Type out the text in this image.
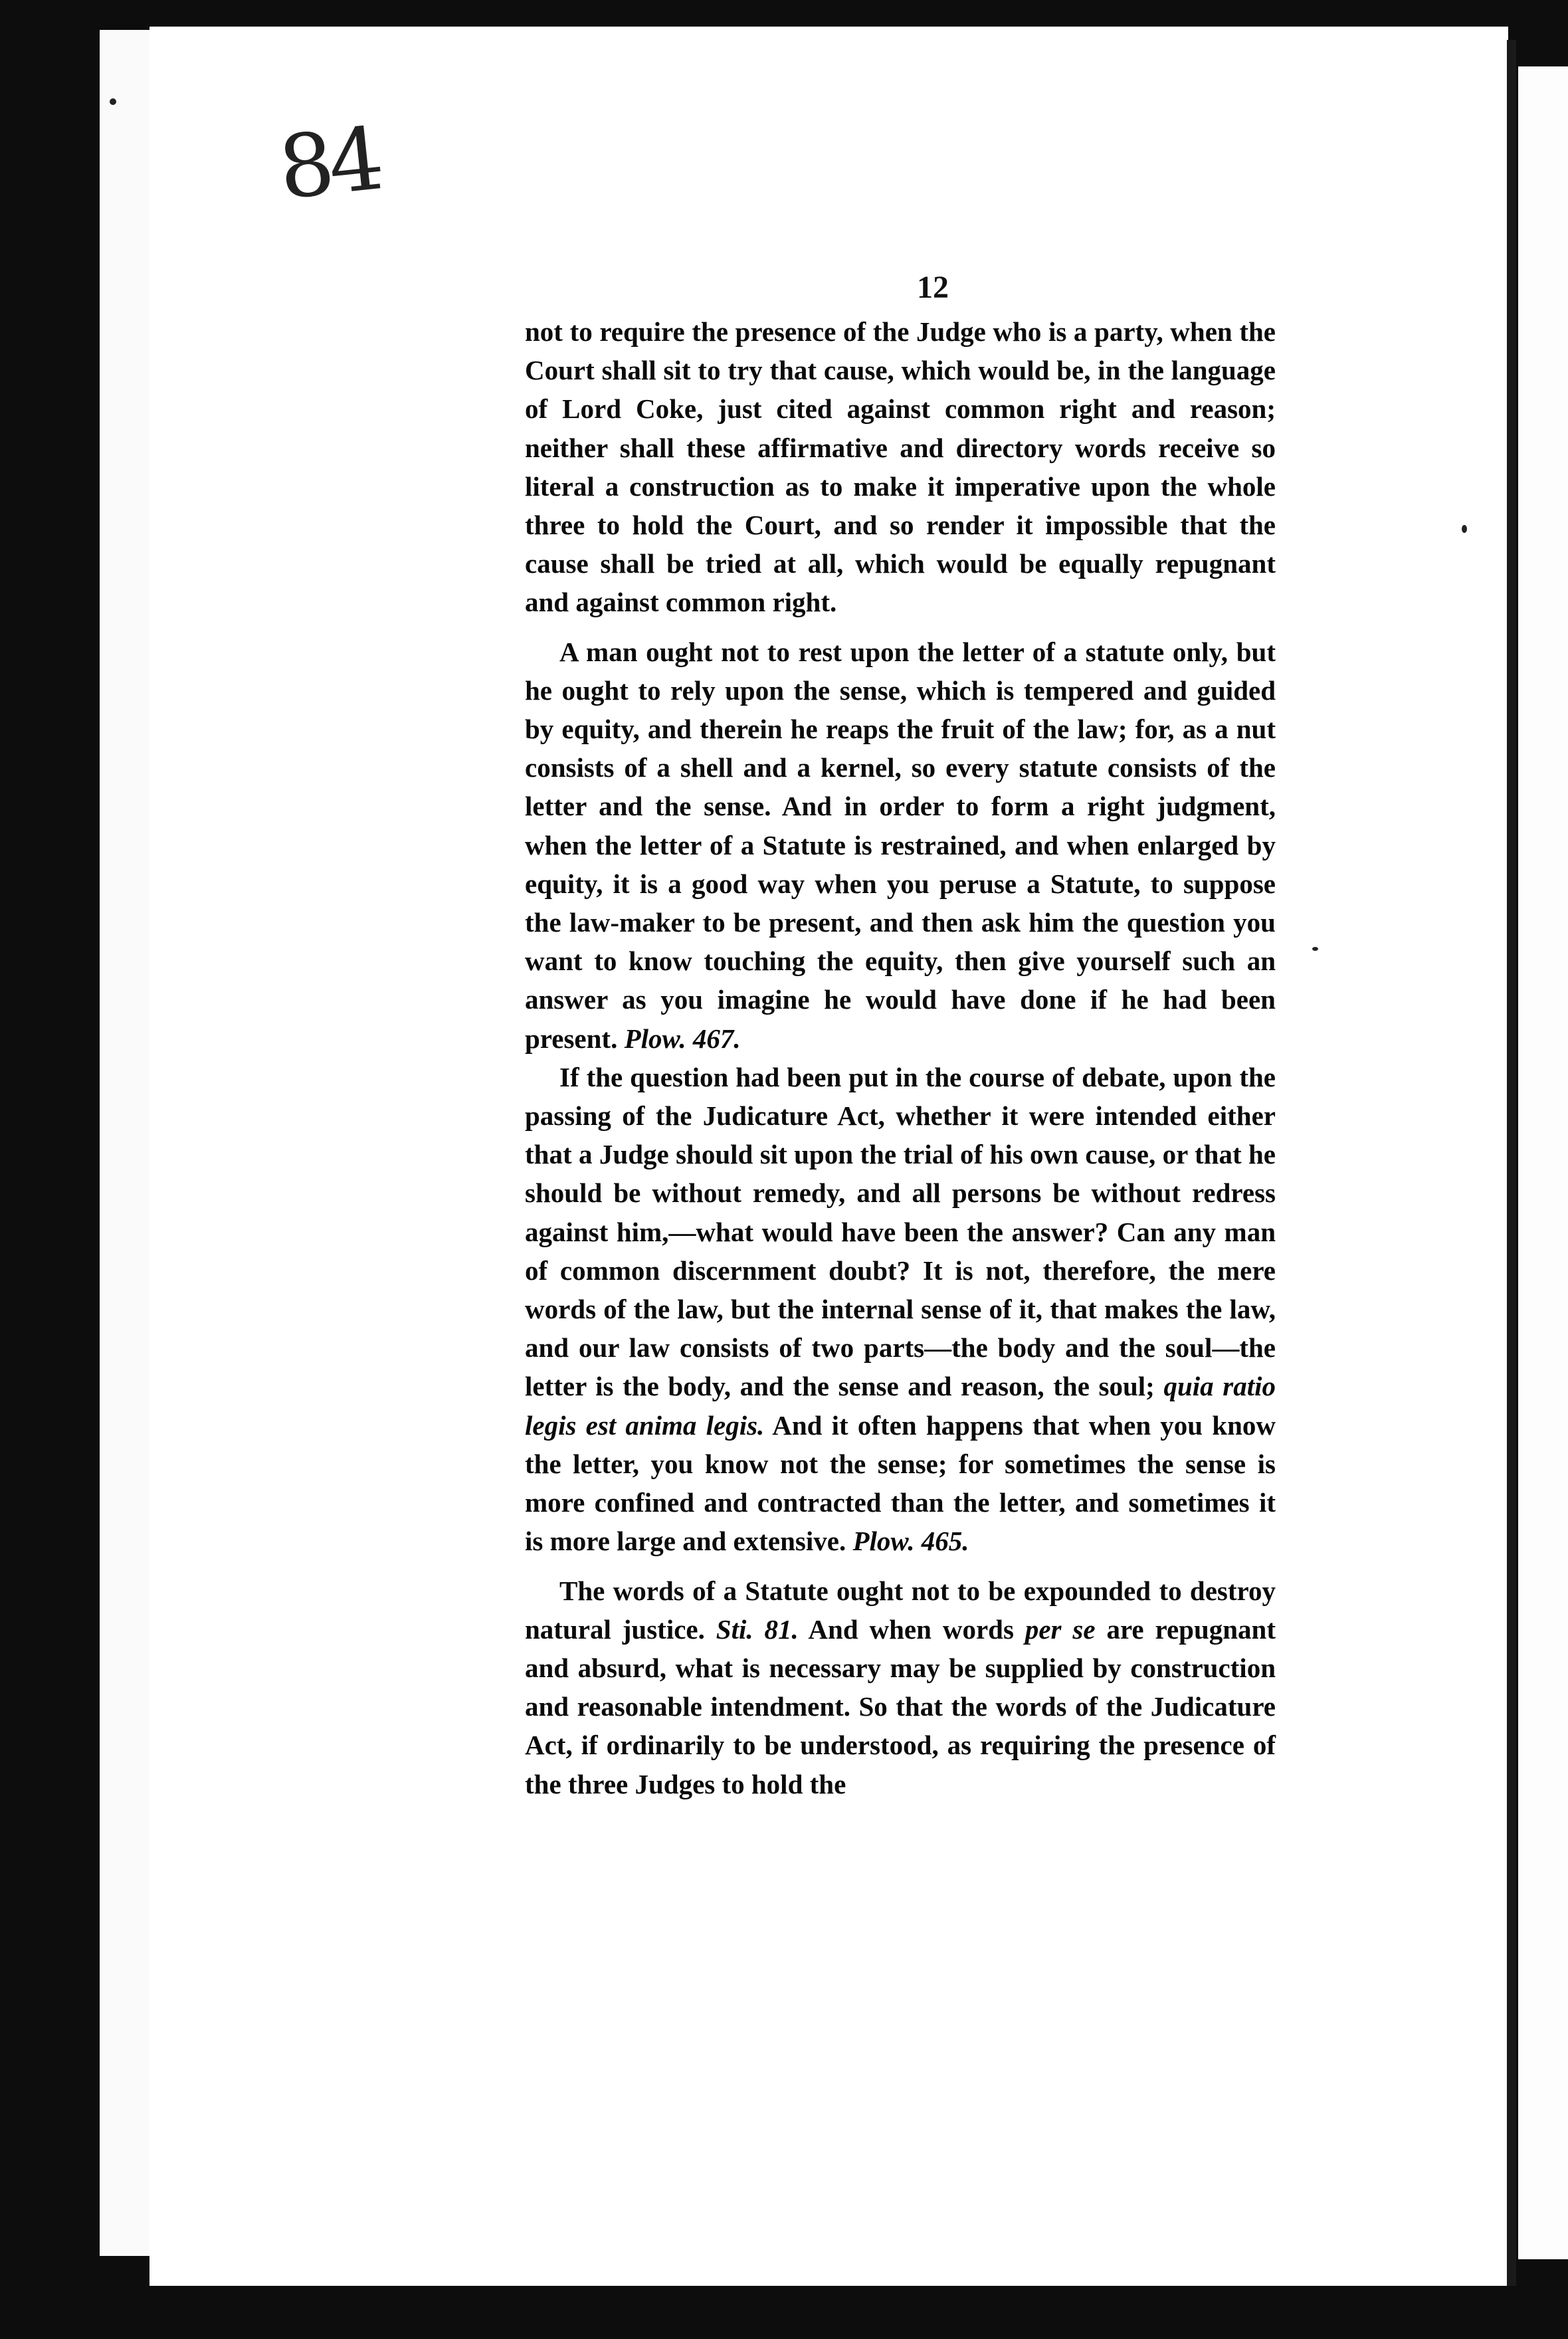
84
12

not to require the presence of the Judge who is a party, when the Court shall sit to try that cause, which would be, in the language of Lord Coke, just cited against common right and reason; neither shall these affirmative and directory words receive so literal a construction as to make it imperative upon the whole three to hold the Court, and so render it impossible that the cause shall be tried at all, which would be equally repugnant and against common right.

A man ought not to rest upon the letter of a statute only, but he ought to rely upon the sense, which is tempered and guided by equity, and therein he reaps the fruit of the law; for, as a nut consists of a shell and a kernel, so every statute consists of the letter and the sense. And in order to form a right judgment, when the letter of a Statute is restrained, and when enlarged by equity, it is a good way when you peruse a Statute, to suppose the law-maker to be present, and then ask him the question you want to know touching the equity, then give yourself such an answer as you imagine he would have done if he had been present. Plow. 467.

If the question had been put in the course of debate, upon the passing of the Judicature Act, whether it were intended either that a Judge should sit upon the trial of his own cause, or that he should be without remedy, and all persons be without redress against him,—what would have been the answer? Can any man of common discernment doubt? It is not, therefore, the mere words of the law, but the internal sense of it, that makes the law, and our law consists of two parts—the body and the soul—the letter is the body, and the sense and reason, the soul; quia ratio legis est anima legis. And it often happens that when you know the letter, you know not the sense; for sometimes the sense is more confined and contracted than the letter, and sometimes it is more large and extensive. Plow. 465.

The words of a Statute ought not to be expounded to destroy natural justice. Sti. 81. And when words per se are repugnant and absurd, what is necessary may be supplied by construction and reasonable intendment. So that the words of the Judicature Act, if ordinarily to be understood, as requiring the presence of the three Judges to hold the
